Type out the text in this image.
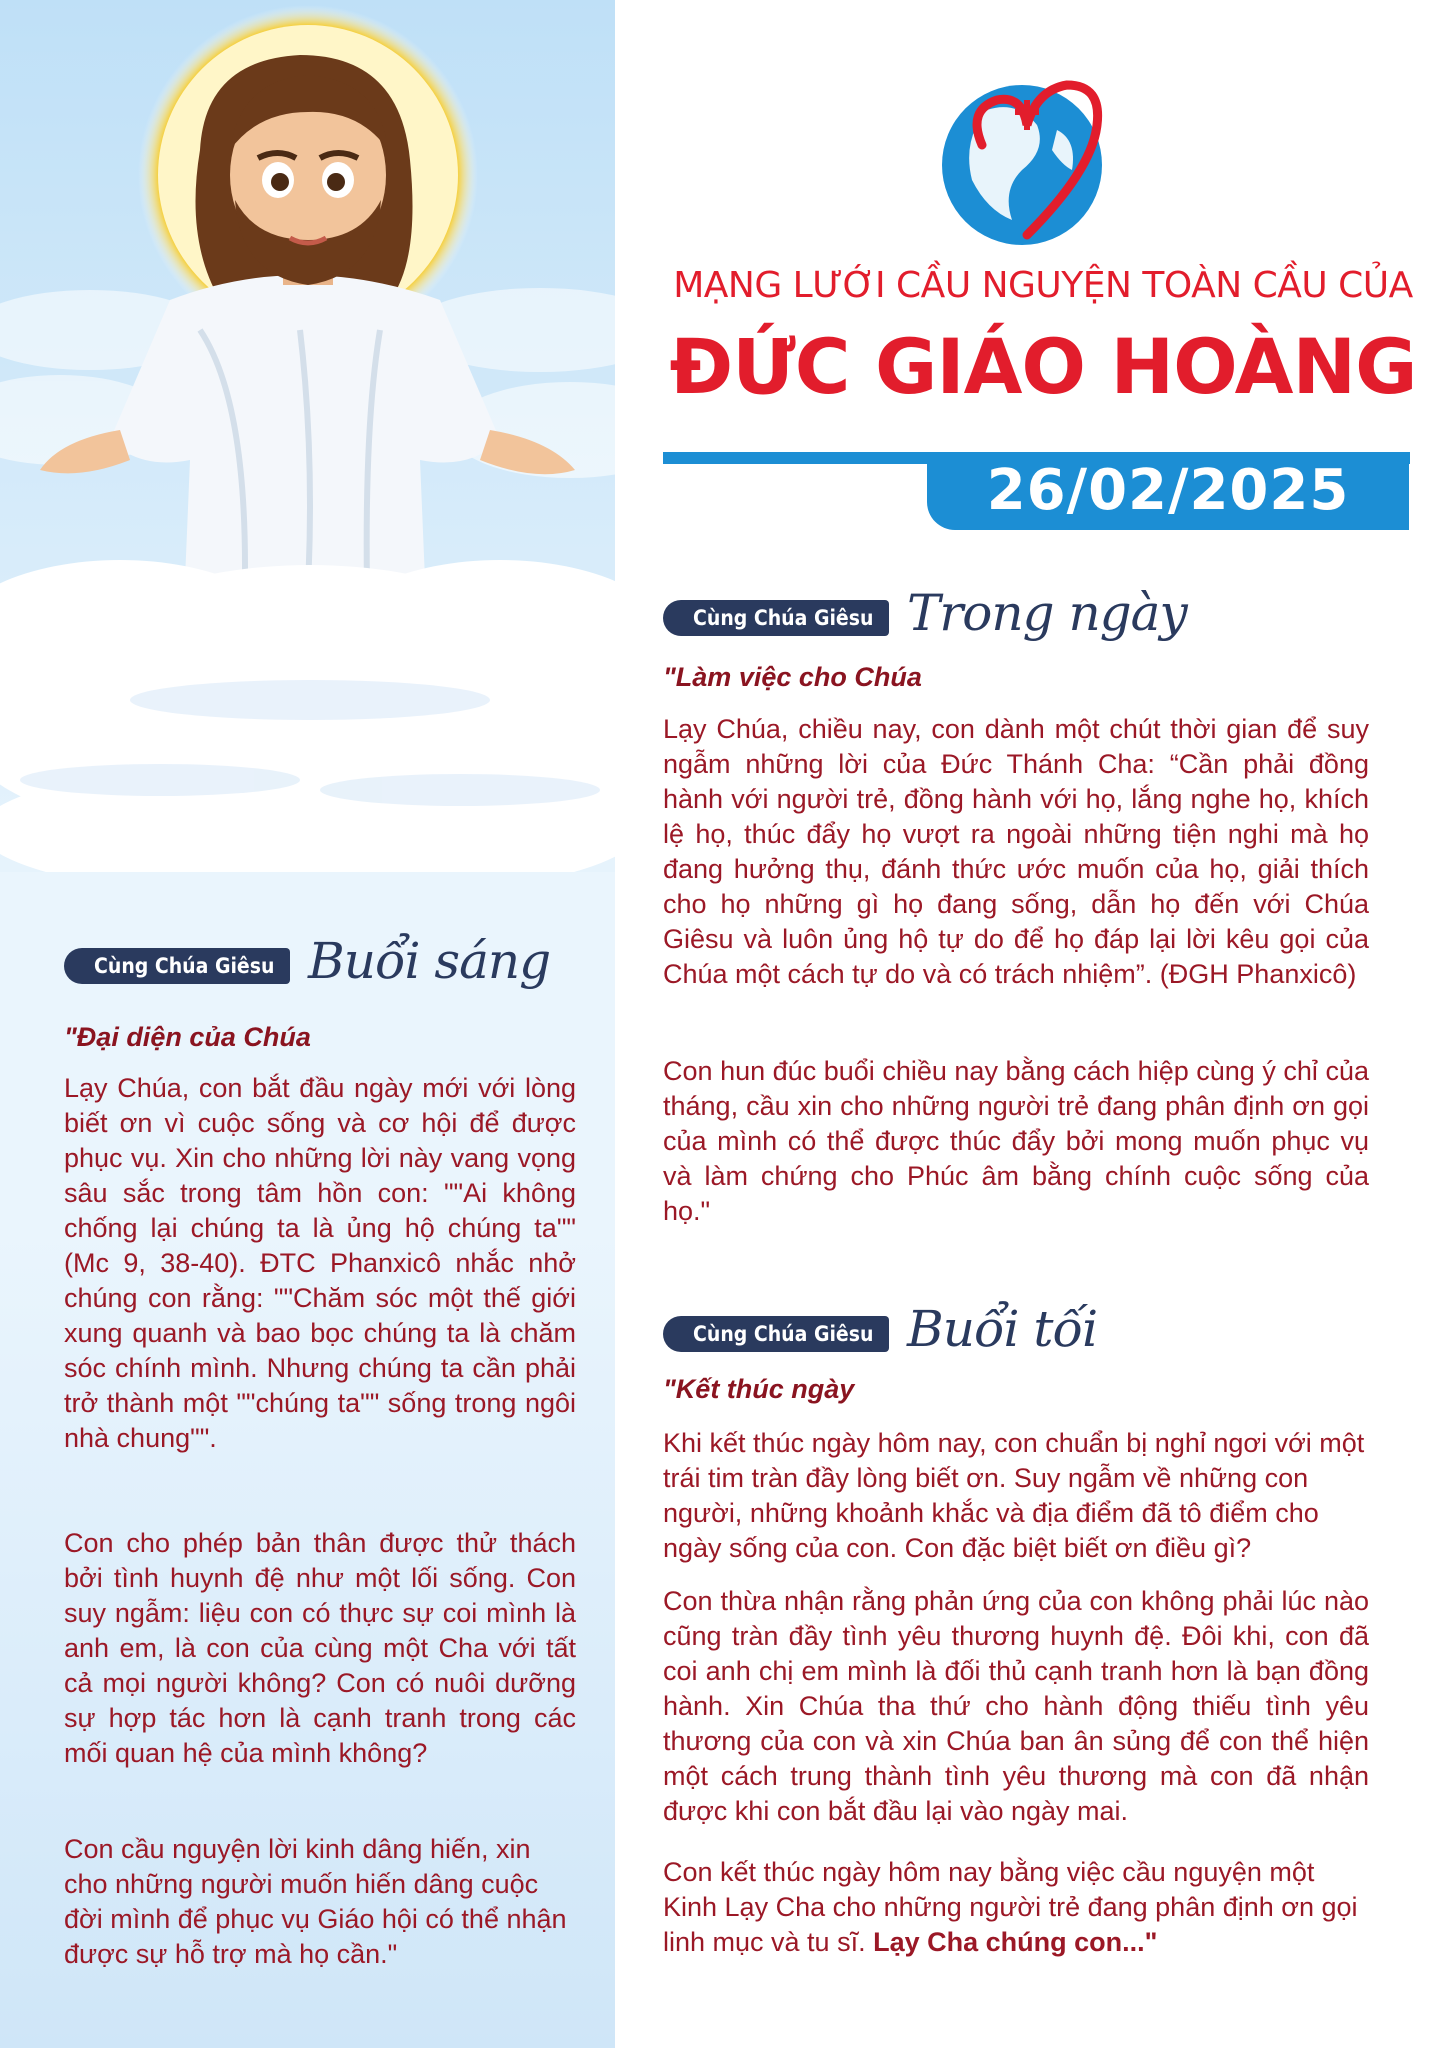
Cùng Chúa Giêsu Buổi sáng
"Đại diện của Chúa

Lạy Chúa, con bắt đầu ngày mới với lòng biết ơn vì cuộc sống và cơ hội để được phục vụ. Xin cho những lời này vang vọng sâu sắc trong tâm hồn con: ""Ai không chống lại chúng ta là ủng hộ chúng ta"" (Mc 9, 38-40). ĐTC Phanxicô nhắc nhở chúng con rằng: ""Chăm sóc một thế giới xung quanh và bao bọc chúng ta là chăm sóc chính mình. Nhưng chúng ta cần phải trở thành một ""chúng ta"" sống trong ngôi nhà chung"".

Con cho phép bản thân được thử thách bởi tình huynh đệ như một lối sống. Con suy ngẫm: liệu con có thực sự coi mình là anh em, là con của cùng một Cha với tất cả mọi người không? Con có nuôi dưỡng sự hợp tác hơn là cạnh tranh trong các mối quan hệ của mình không?

Con cầu nguyện lời kinh dâng hiến, xin cho những người muốn hiến dâng cuộc đời mình để phục vụ Giáo hội có thể nhận được sự hỗ trợ mà họ cần."

MẠNG LƯỚI CẦU NGUYỆN TOÀN CẦU CỦA
ĐỨC GIÁO HOÀNG
26/02/2025
Cùng Chúa Giêsu Trong ngày
"Làm việc cho Chúa

Lạy Chúa, chiều nay, con dành một chút thời gian để suy ngẫm những lời của Đức Thánh Cha: “Cần phải đồng hành với người trẻ, đồng hành với họ, lắng nghe họ, khích lệ họ, thúc đẩy họ vượt ra ngoài những tiện nghi mà họ đang hưởng thụ, đánh thức ước muốn của họ, giải thích cho họ những gì họ đang sống, dẫn họ đến với Chúa Giêsu và luôn ủng hộ tự do để họ đáp lại lời kêu gọi của Chúa một cách tự do và có trách nhiệm”. (ĐGH Phanxicô)

Con hun đúc buổi chiều nay bằng cách hiệp cùng ý chỉ của tháng, cầu xin cho những người trẻ đang phân định ơn gọi của mình có thể được thúc đẩy bởi mong muốn phục vụ và làm chứng cho Phúc âm bằng chính cuộc sống của họ."

Cùng Chúa Giêsu Buổi tối
"Kết thúc ngày

Khi kết thúc ngày hôm nay, con chuẩn bị nghỉ ngơi với một trái tim tràn đầy lòng biết ơn. Suy ngẫm về những con người, những khoảnh khắc và địa điểm đã tô điểm cho ngày sống của con. Con đặc biệt biết ơn điều gì?

Con thừa nhận rằng phản ứng của con không phải lúc nào cũng tràn đầy tình yêu thương huynh đệ. Đôi khi, con đã coi anh chị em mình là đối thủ cạnh tranh hơn là bạn đồng hành. Xin Chúa tha thứ cho hành động thiếu tình yêu thương của con và xin Chúa ban ân sủng để con thể hiện một cách trung thành tình yêu thương mà con đã nhận được khi con bắt đầu lại vào ngày mai.

Con kết thúc ngày hôm nay bằng việc cầu nguyện một Kinh Lạy Cha cho những người trẻ đang phân định ơn gọi linh mục và tu sĩ. Lạy Cha chúng con..."
